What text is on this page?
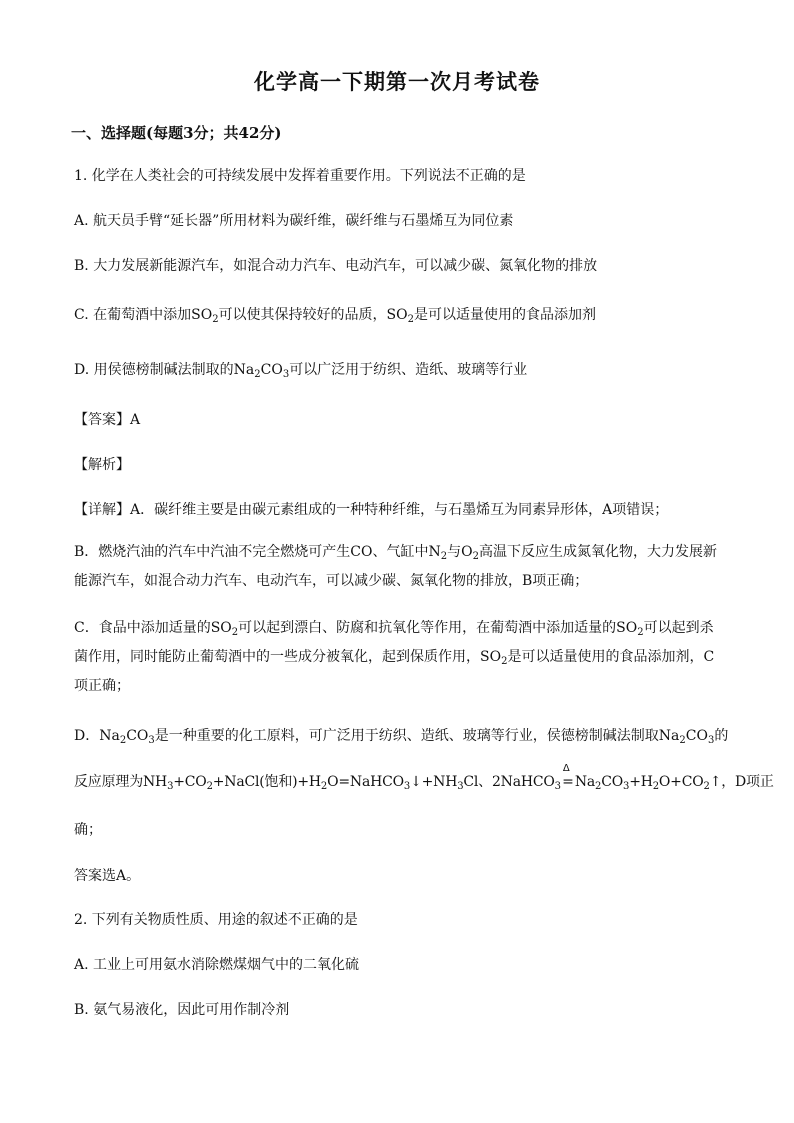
化学高一下期第一次月考试卷
一、选择题(每题3分；共42分)
1. 化学在人类社会的可持续发展中发挥着重要作用。下列说法不正确的是
A. 航天员手臂“延长器”所用材料为碳纤维，碳纤维与石墨烯互为同位素
B. 大力发展新能源汽车，如混合动力汽车、电动汽车，可以减少碳、氮氧化物的排放
C. 在葡萄酒中添加$SO_2$可以使其保持较好的品质，$SO_2$是可以适量使用的食品添加剂
D. 用侯德榜制碱法制取的$Na_2CO_3$可以广泛用于纺织、造纸、玻璃等行业
【答案】A
【解析】
【详解】A．碳纤维主要是由碳元素组成的一种特种纤维，与石墨烯互为同素异形体，A项错误；
B．燃烧汽油的汽车中汽油不完全燃烧可产生CO、气缸中$N_2$与$O_2$高温下反应生成氮氧化物，大力发展新能源汽车，如混合动力汽车、电动汽车，可以减少碳、氮氧化物的排放，B项正确；
C．食品中添加适量的$SO_2$可以起到漂白、防腐和抗氧化等作用，在葡萄酒中添加适量的$SO_2$可以起到杀菌作用，同时能防止葡萄酒中的一些成分被氧化，起到保质作用，$SO_2$是可以适量使用的食品添加剂，C项正确；
D．$Na_2CO_3$是一种重要的化工原料，可广泛用于纺织、造纸、玻璃等行业，侯德榜制碱法制取$Na_2CO_3$的
反应原理为$NH_3+CO_2+NaCl$(饱和)$+H_2O=NaHCO_3↓+NH_3Cl$、2NaHCO$_3$
Δ
$=Na_2CO_3+H_2O+CO_2↑$，D项正
确；
答案选A。
2. 下列有关物质性质、用途的叙述不正确的是
A. 工业上可用氨水消除燃煤烟气中的二氧化硫
B. 氨气易液化，因此可用作制冷剂
